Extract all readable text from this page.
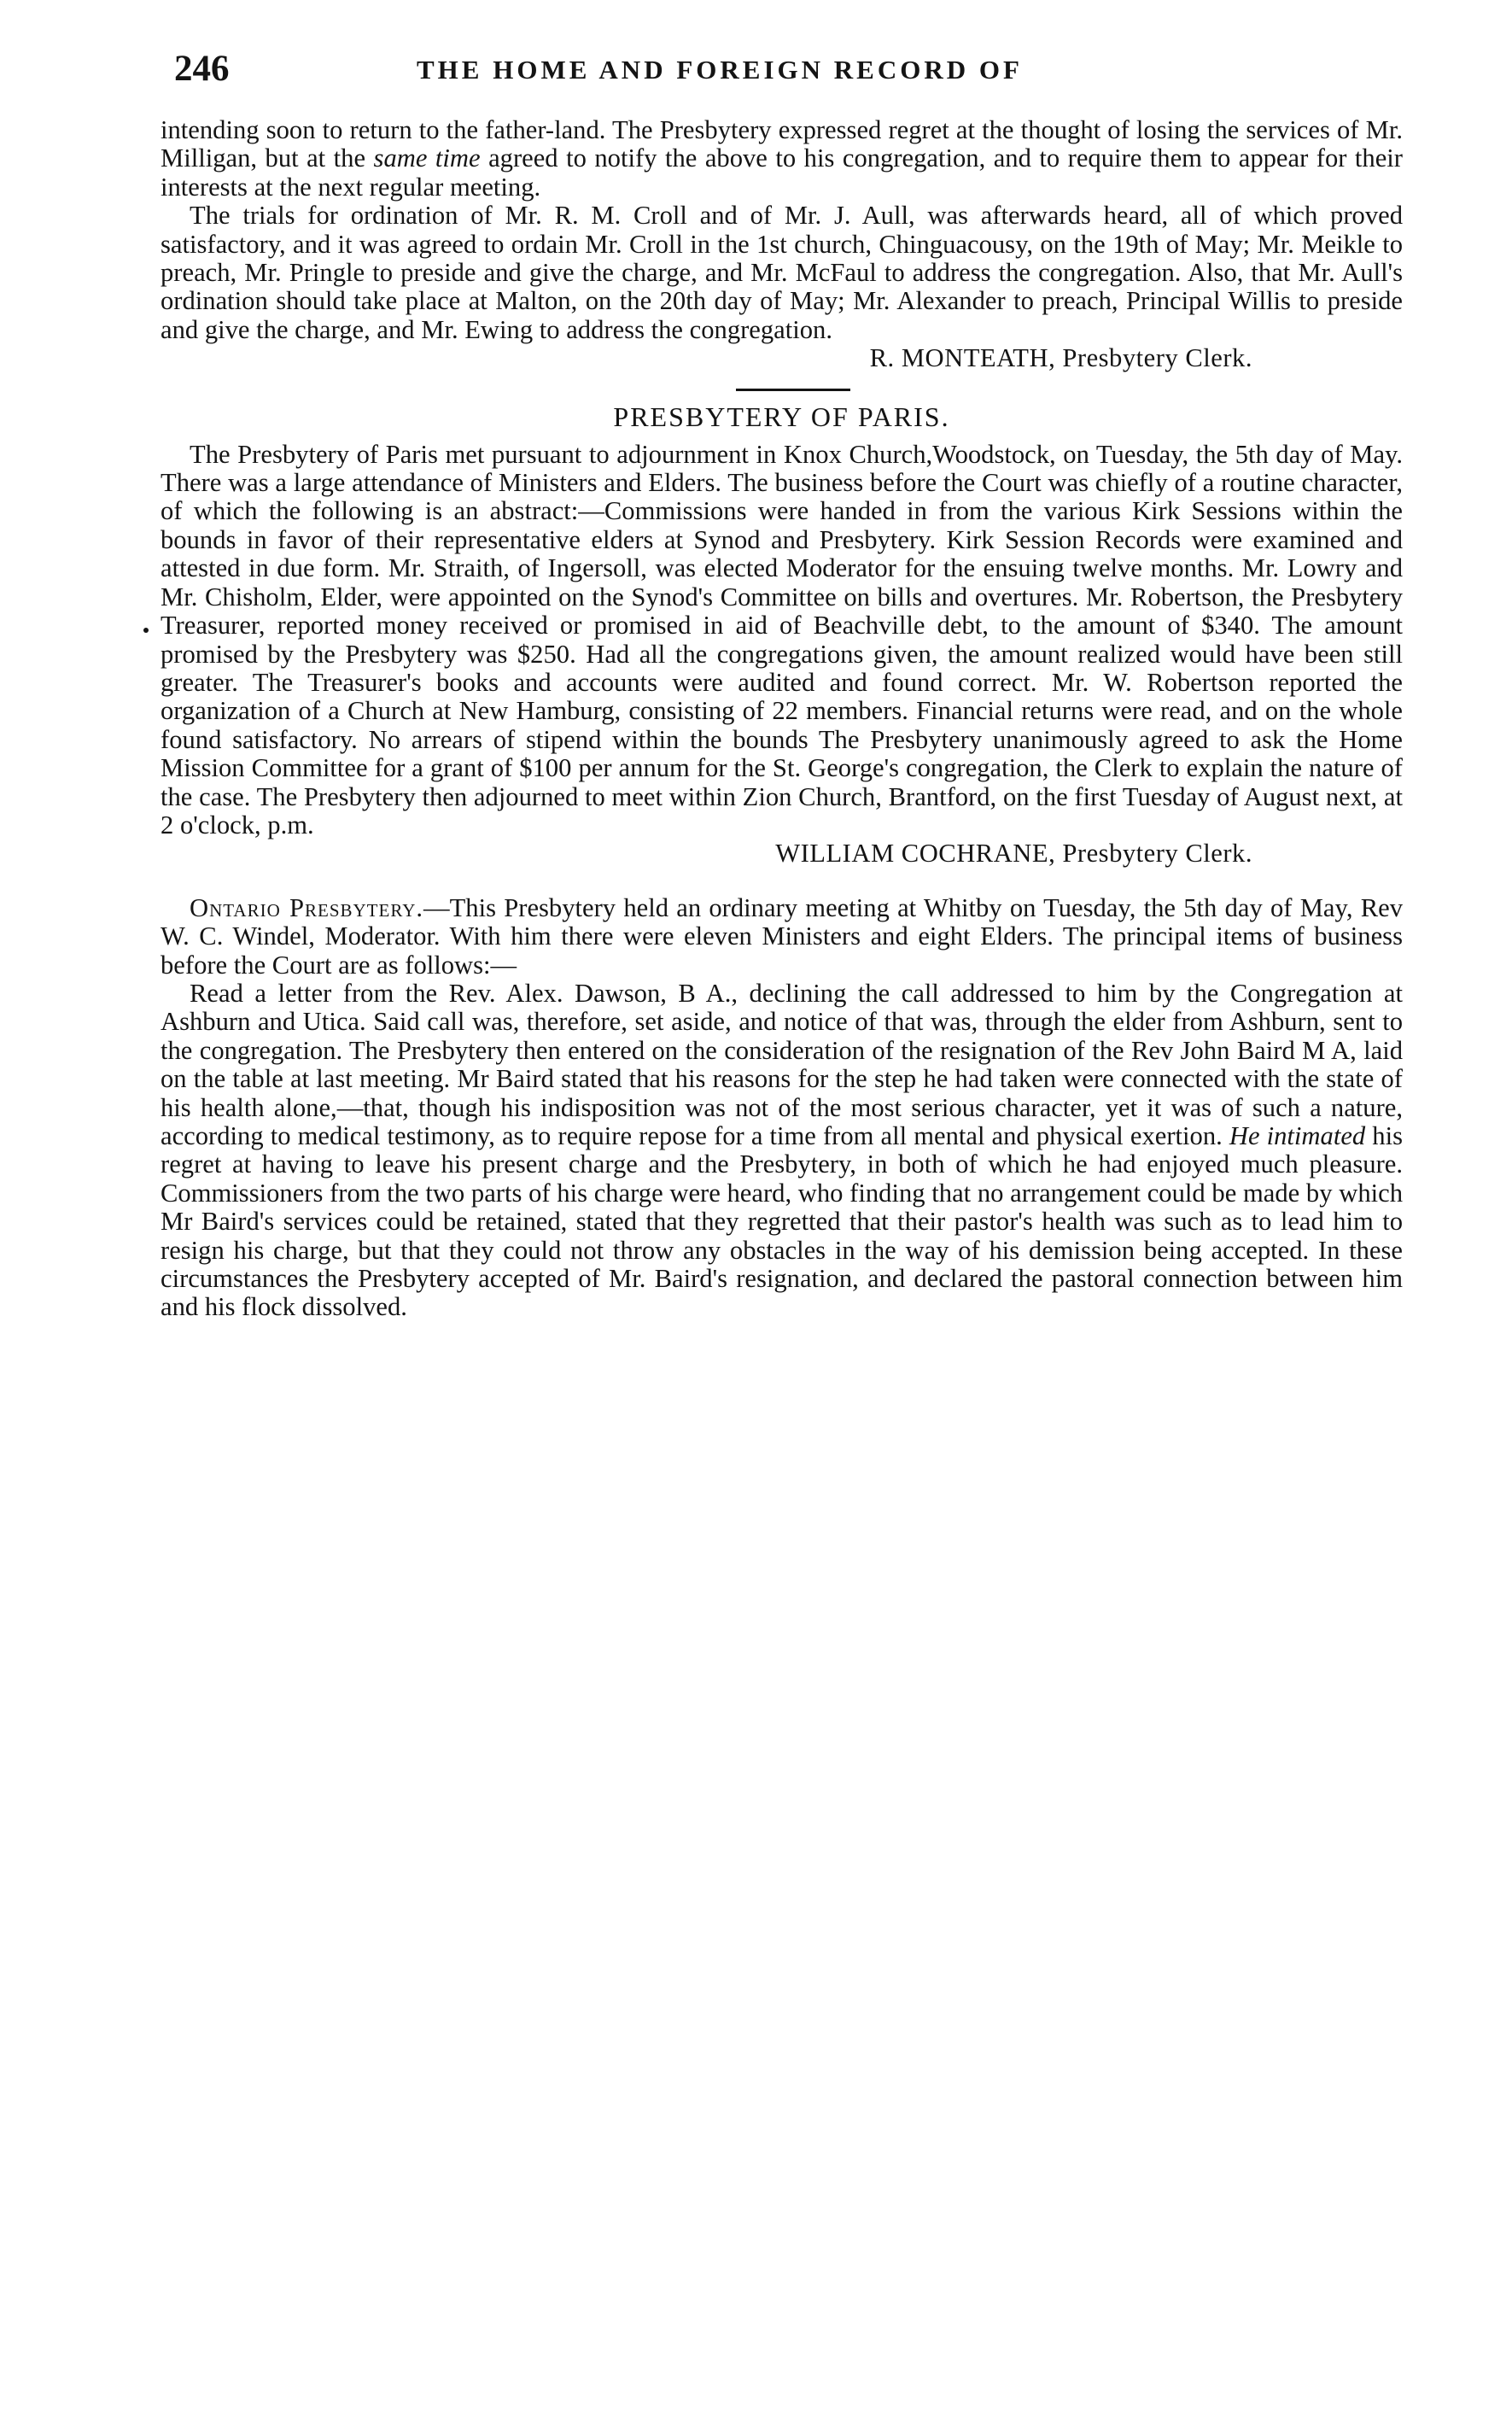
246	THE HOME AND FOREIGN RECORD OF

intending soon to return to the father-land. The Presbytery expressed regret at the thought of losing the services of Mr. Milligan, but at the same time agreed to notify the above to his congregation, and to require them to appear for their interests at the next regular meeting.

The trials for ordination of Mr. R. M. Croll and of Mr. J. Aull, was afterwards heard, all of which proved satisfactory, and it was agreed to ordain Mr. Croll in the 1st church, Chinguacousy, on the 19th of May; Mr. Meikle to preach, Mr. Pringle to preside and give the charge, and Mr. McFaul to address the congregation. Also, that Mr. Aull's ordination should take place at Malton, on the 20th day of May; Mr. Alexander to preach, Principal Willis to preside and give the charge, and Mr. Ewing to address the congregation.

R. MONTEATH, Presbytery Clerk.
PRESBYTERY OF PARIS.

The Presbytery of Paris met pursuant to adjournment in Knox Church,Woodstock, on Tuesday, the 5th day of May. There was a large attendance of Ministers and Elders. The business before the Court was chiefly of a routine character, of which the following is an abstract:—Commissions were handed in from the various Kirk Sessions within the bounds in favor of their representative elders at Synod and Presbytery. Kirk Session Records were examined and attested in due form. Mr. Straith, of Ingersoll, was elected Moderator for the ensuing twelve months. Mr. Lowry and Mr. Chisholm, Elder, were appointed on the Synod's Committee on bills and overtures. Mr. Robertson, the Presbytery Treasurer, reported money received or promised in aid of Beachville debt, to the amount of $340. The amount promised by the Presbytery was $250. Had all the congregations given, the amount realized would have been still greater. The Treasurer's books and accounts were audited and found correct. Mr. W. Robertson reported the organization of a Church at New Hamburg, consisting of 22 members. Financial returns were read, and on the whole found satisfactory. No arrears of stipend within the bounds The Presbytery unanimously agreed to ask the Home Mission Committee for a grant of $100 per annum for the St. George's congregation, the Clerk to explain the nature of the case. The Presbytery then adjourned to meet within Zion Church, Brantford, on the first Tuesday of August next, at 2 o'clock, p.m.

WILLIAM COCHRANE, Presbytery Clerk.

Ontario Presbytery.—This Presbytery held an ordinary meeting at Whitby on Tuesday, the 5th day of May, Rev W. C. Windel, Moderator. With him there were eleven Ministers and eight Elders. The principal items of business before the Court are as follows:—

Read a letter from the Rev. Alex. Dawson, B A., declining the call addressed to him by the Congregation at Ashburn and Utica. Said call was, therefore, set aside, and notice of that was, through the elder from Ashburn, sent to the congregation. The Presbytery then entered on the consideration of the resignation of the Rev John Baird M A, laid on the table at last meeting. Mr Baird stated that his reasons for the step he had taken were connected with the state of his health alone,—that, though his indisposition was not of the most serious character, yet it was of such a nature, according to medical testimony, as to require repose for a time from all mental and physical exertion. He intimated his regret at having to leave his present charge and the Presbytery, in both of which he had enjoyed much pleasure. Commissioners from the two parts of his charge were heard, who finding that no arrangement could be made by which Mr Baird's services could be retained, stated that they regretted that their pastor's health was such as to lead him to resign his charge, but that they could not throw any obstacles in the way of his demission being accepted. In these circumstances the Presbytery accepted of Mr. Baird's resignation, and declared the pastoral connection between him and his flock dissolved.
